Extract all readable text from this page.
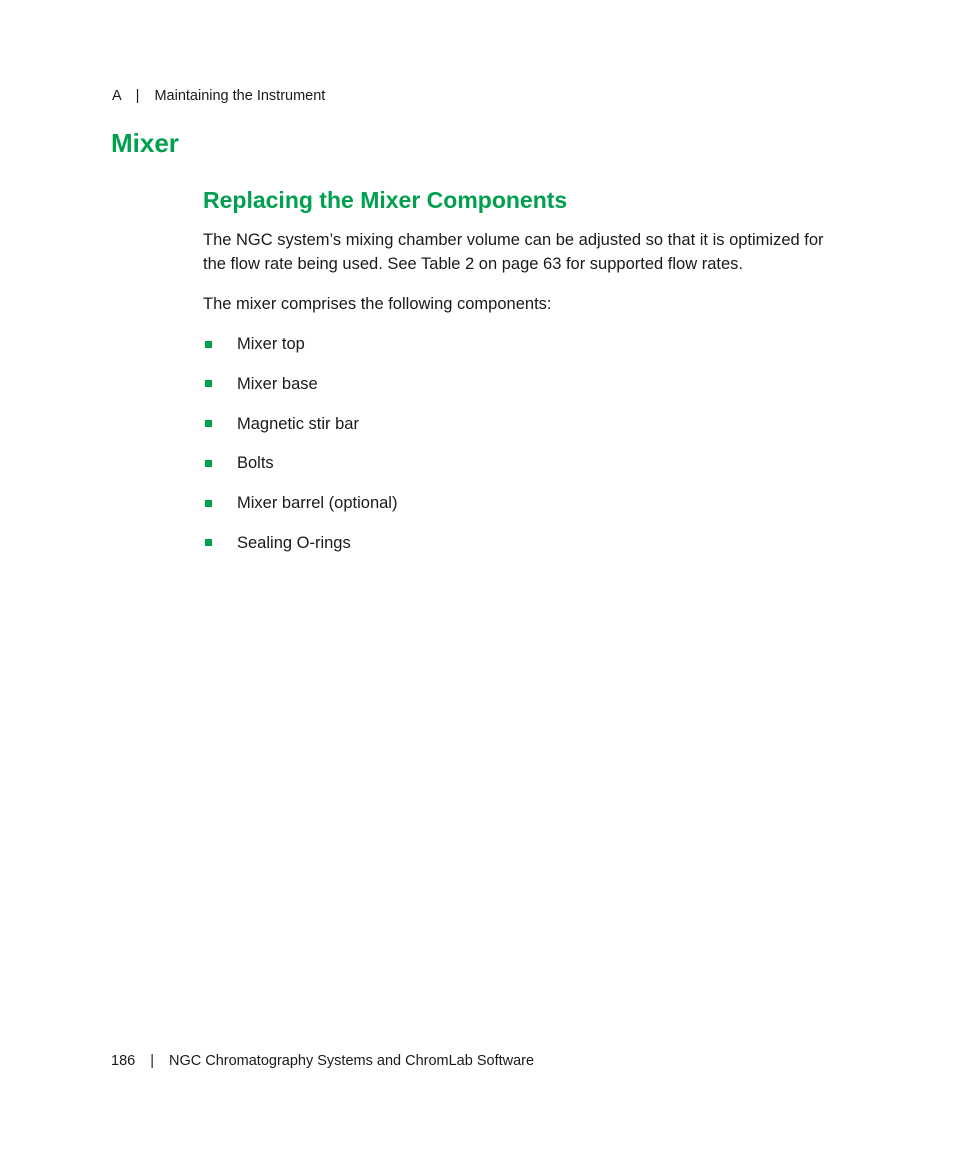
A | Maintaining the Instrument
Mixer
Replacing the Mixer Components

The NGC system’s mixing chamber volume can be adjusted so that it is optimized for the flow rate being used. See Table 2 on page 63 for supported flow rates.

The mixer comprises the following components:

Mixer top
Mixer base
Magnetic stir bar
Bolts
Mixer barrel (optional)
Sealing O-rings
186 | NGC Chromatography Systems and ChromLab Software
